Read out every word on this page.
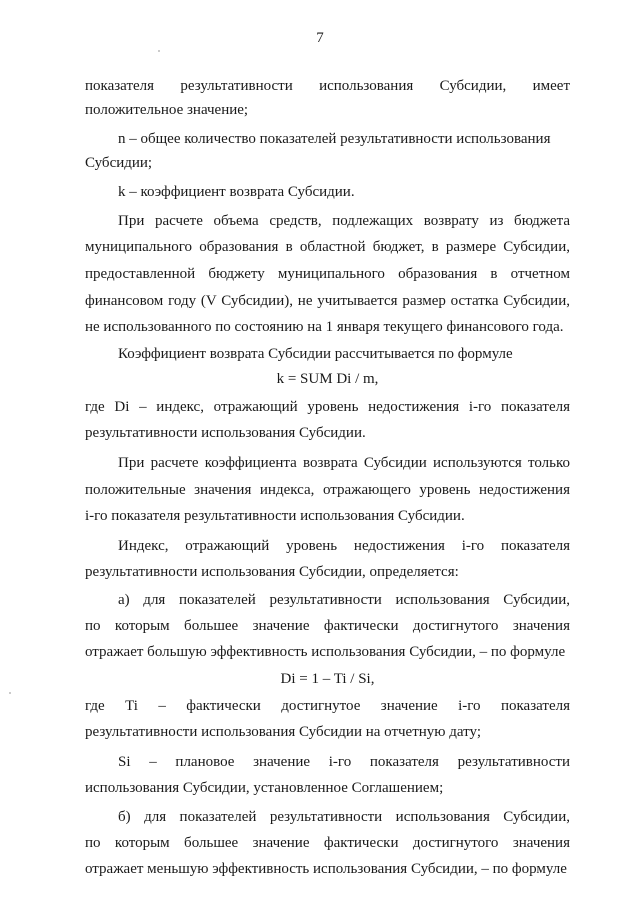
7
показателя результативности использования Субсидии, имеет
положительное значение;
n – общее количество показателей результативности использования
Субсидии;
k – коэффициент возврата Субсидии.
При расчете объема средств, подлежащих возврату из бюджета
муниципального образования в областной бюджет, в размере Субсидии,
предоставленной бюджету муниципального образования в отчетном
финансовом году (V Субсидии), не учитывается размер остатка Субсидии,
не использованного по состоянию на 1 января текущего финансового года.
Коэффициент возврата Субсидии рассчитывается по формуле
k = SUM Di / m,
где Di – индекс, отражающий уровень недостижения i-го показателя
результативности использования Субсидии.
При расчете коэффициента возврата Субсидии используются только
положительные значения индекса, отражающего уровень недостижения
i-го показателя результативности использования Субсидии.
Индекс, отражающий уровень недостижения i-го показателя
результативности использования Субсидии, определяется:
а) для показателей результативности использования Субсидии,
по которым большее значение фактически достигнутого значения
отражает большую эффективность использования Субсидии, – по формуле
Di = 1 – Ti / Si,
где Ti – фактически достигнутое значение i-го показателя
результативности использования Субсидии на отчетную дату;
Si – плановое значение i-го показателя результативности
использования Субсидии, установленное Соглашением;
б) для показателей результативности использования Субсидии,
по которым большее значение фактически достигнутого значения
отражает меньшую эффективность использования Субсидии, – по формуле
